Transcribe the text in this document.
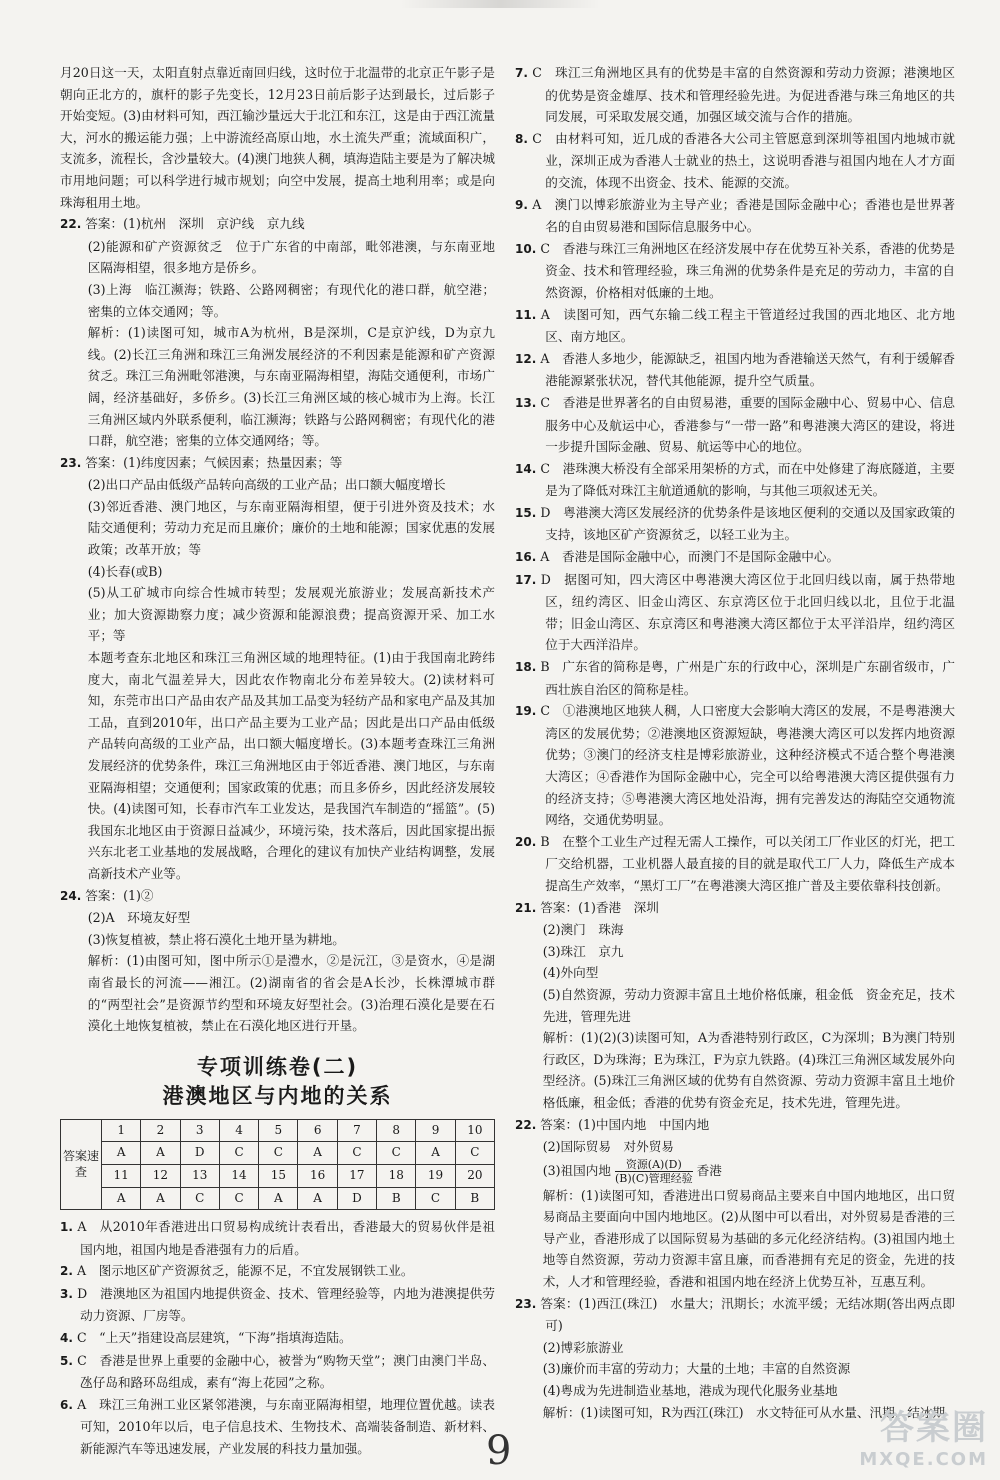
月20日这一天，太阳直射点靠近南回归线，这时位于北温带的北京正午影子是朝向正北方的，旗杆的影子先变长，12月23日前后影子达到最长，过后影子开始变短。(3)由材料可知，西江输沙量远大于北江和东江，这是由于西江流量大，河水的搬运能力强；上中游流经高原山地，水土流失严重；流域面积广，支流多，流程长，含沙量较大。(4)澳门地狭人稠，填海造陆主要是为了解决城市用地问题；可以科学进行城市规划；向空中发展，提高土地利用率；或是向珠海租用土地。

22. 答案：(1)杭州　深圳　京沪线　京九线

(2)能源和矿产资源贫乏　位于广东省的中南部，毗邻港澳，与东南亚地区隔海相望，很多地方是侨乡。

(3)上海　临江濒海；铁路、公路网稠密；有现代化的港口群，航空港；密集的立体交通网；等。

解析：(1)读图可知，城市A为杭州，B是深圳，C是京沪线，D为京九线。(2)长江三角洲和珠江三角洲发展经济的不利因素是能源和矿产资源贫乏。珠江三角洲毗邻港澳，与东南亚隔海相望，海陆交通便利，市场广阔，经济基础好，多侨乡。(3)长江三角洲区域的核心城市为上海。长江三角洲区域内外联系便利，临江濒海；铁路与公路网稠密；有现代化的港口群，航空港；密集的立体交通网络；等。

23. 答案：(1)纬度因素；气候因素；热量因素；等

(2)出口产品由低级产品转向高级的工业产品；出口额大幅度增长

(3)邻近香港、澳门地区，与东南亚隔海相望，便于引进外资及技术；水陆交通便利；劳动力充足而且廉价；廉价的土地和能源；国家优惠的发展政策；改革开放；等

(4)长春(或B)

(5)从工矿城市向综合性城市转型；发展观光旅游业；发展高新技术产业；加大资源勘察力度；减少资源和能源浪费；提高资源开采、加工水平；等

本题考查东北地区和珠江三角洲区域的地理特征。(1)由于我国南北跨纬度大，南北气温差异大，因此农作物南北分布差异较大。(2)读材料可知，东莞市出口产品由农产品及其加工品变为轻纺产品和家电产品及其加工品，直到2010年，出口产品主要为工业产品；因此是出口产品由低级产品转向高级的工业产品，出口额大幅度增长。(3)本题考查珠江三角洲发展经济的优势条件，珠江三角洲地区由于邻近香港、澳门地区，与东南亚隔海相望；交通便利；国家政策的优惠；而且多侨乡，因此经济发展较快。(4)读图可知，长春市汽车工业发达，是我国汽车制造的“摇篮”。(5)我国东北地区由于资源日益减少，环境污染，技术落后，因此国家提出振兴东北老工业基地的发展战略，合理化的建议有加快产业结构调整，发展高新技术产业等。

24. 答案：(1)②

(2)A　环境友好型

(3)恢复植被，禁止将石漠化土地开垦为耕地。

解析：(1)由图可知，图中所示①是澧水，②是沅江，③是资水，④是湖南省最长的河流——湘江。(2)湖南省的省会是A长沙，长株潭城市群的“两型社会”是资源节约型和环境友好型社会。(3)治理石漠化是要在石漠化土地恢复植被，禁止在石漠化地区进行开垦。

专项训练卷(二)
港澳地区与内地的关系
答案速查	1	2	3	4	5	6	7	8	9	10
	A	A	D	C	C	A	C	C	A	C
	11	12	13	14	15	16	17	18	19	20
	A	A	C	C	A	A	D	B	C	B

1. A　从2010年香港进出口贸易构成统计表看出，香港最大的贸易伙伴是祖国内地，祖国内地是香港强有力的后盾。

2. A　图示地区矿产资源贫乏，能源不足，不宜发展钢铁工业。

3. D　港澳地区为祖国内地提供资金、技术、管理经验等，内地为港澳提供劳动力资源、厂房等。

4. C　“上天”指建设高层建筑，“下海”指填海造陆。

5. C　香港是世界上重要的金融中心，被誉为“购物天堂”；澳门由澳门半岛、氹仔岛和路环岛组成，素有“海上花园”之称。

6. A　珠江三角洲工业区紧邻港澳，与东南亚隔海相望，地理位置优越。读表可知，2010年以后，电子信息技术、生物技术、高端装备制造、新材料、新能源汽车等迅速发展，产业发展的科技力量加强。

7. C　珠江三角洲地区具有的优势是丰富的自然资源和劳动力资源；港澳地区的优势是资金雄厚、技术和管理经验先进。为促进香港与珠三角地区的共同发展，可采取发展交通，加强区域交流与合作的措施。

8. C　由材料可知，近几成的香港各大公司主管愿意到深圳等祖国内地城市就业，深圳正成为香港人士就业的热土，这说明香港与祖国内地在人才方面的交流，体现不出资金、技术、能源的交流。

9. A　澳门以博彩旅游业为主导产业；香港是国际金融中心；香港也是世界著名的自由贸易港和国际信息服务中心。

10. C　香港与珠江三角洲地区在经济发展中存在优势互补关系，香港的优势是资金、技术和管理经验，珠三角洲的优势条件是充足的劳动力，丰富的自然资源，价格相对低廉的土地。

11. A　读图可知，西气东输二线工程主干管道经过我国的西北地区、北方地区、南方地区。

12. A　香港人多地少，能源缺乏，祖国内地为香港输送天然气，有利于缓解香港能源紧张状况，替代其他能源，提升空气质量。

13. C　香港是世界著名的自由贸易港，重要的国际金融中心、贸易中心、信息服务中心及航运中心，香港参与“一带一路”和粤港澳大湾区的建设，将进一步提升国际金融、贸易、航运等中心的地位。

14. C　港珠澳大桥没有全部采用架桥的方式，而在中处修建了海底隧道，主要是为了降低对珠江主航道通航的影响，与其他三项叙述无关。

15. D　粤港澳大湾区发展经济的优势条件是该地区便利的交通以及国家政策的支持，该地区矿产资源贫乏，以轻工业为主。

16. A　香港是国际金融中心，而澳门不是国际金融中心。

17. D　据图可知，四大湾区中粤港澳大湾区位于北回归线以南，属于热带地区，纽约湾区、旧金山湾区、东京湾区位于北回归线以北，且位于北温带；旧金山湾区、东京湾区和粤港澳大湾区都位于太平洋沿岸，纽约湾区位于大西洋沿岸。

18. B　广东省的简称是粤，广州是广东的行政中心，深圳是广东副省级市，广西壮族自治区的简称是桂。

19. C　①港澳地区地狭人稠，人口密度大会影响大湾区的发展，不是粤港澳大湾区的发展优势；②港澳地区资源短缺，粤港澳大湾区可以发挥内地资源优势；③澳门的经济支柱是博彩旅游业，这种经济模式不适合整个粤港澳大湾区；④香港作为国际金融中心，完全可以给粤港澳大湾区提供强有力的经济支持；⑤粤港澳大湾区地处沿海，拥有完善发达的海陆空交通物流网络，交通优势明显。

20. B　在整个工业生产过程无需人工操作，可以关闭工厂作业区的灯光，把工厂交给机器，工业机器人最直接的目的就是取代工厂人力，降低生产成本提高生产效率，“黑灯工厂”在粤港澳大湾区推广普及主要依靠科技创新。

21. 答案：(1)香港　深圳

(2)澳门　珠海

(3)珠江　京九

(4)外向型

(5)自然资源，劳动力资源丰富且土地价格低廉，租金低　资金充足，技术先进，管理先进

解析：(1)(2)(3)读图可知，A为香港特别行政区，C为深圳；B为澳门特别行政区，D为珠海；E为珠江，F为京九铁路。(4)珠江三角洲区域发展外向型经济。(5)珠江三角洲区域的优势有自然资源、劳动力资源丰富且土地价格低廉，租金低；香港的优势有资金充足，技术先进，管理先进。

22. 答案：(1)中国内地　中国内地

(2)国际贸易　对外贸易

(3)祖国内地	资源(A)(D)
(B)(C)管理经验
香港

解析：(1)读图可知，香港进出口贸易商品主要来自中国内地地区，出口贸易商品主要面向中国内地地区。(2)从图中可以看出，对外贸易是香港的三导产业，香港形成了以国际贸易为基础的多元化经济结构。(3)祖国内地土地等自然资源，劳动力资源丰富且廉，而香港拥有充足的资金，先进的技术，人才和管理经验，香港和祖国内地在经济上优势互补，互惠互利。

23. 答案：(1)西江(珠江)　水量大；汛期长；水流平缓；无结冰期(答出两点即可)

(2)博彩旅游业

(3)廉价而丰富的劳动力；大量的土地；丰富的自然资源

(4)粤成为先进制造业基地，港成为现代化服务业基地

解析：(1)读图可知，R为西江(珠江)　水文特征可从水量、汛期、结冰期

9	答案圈
MXQE.COM
